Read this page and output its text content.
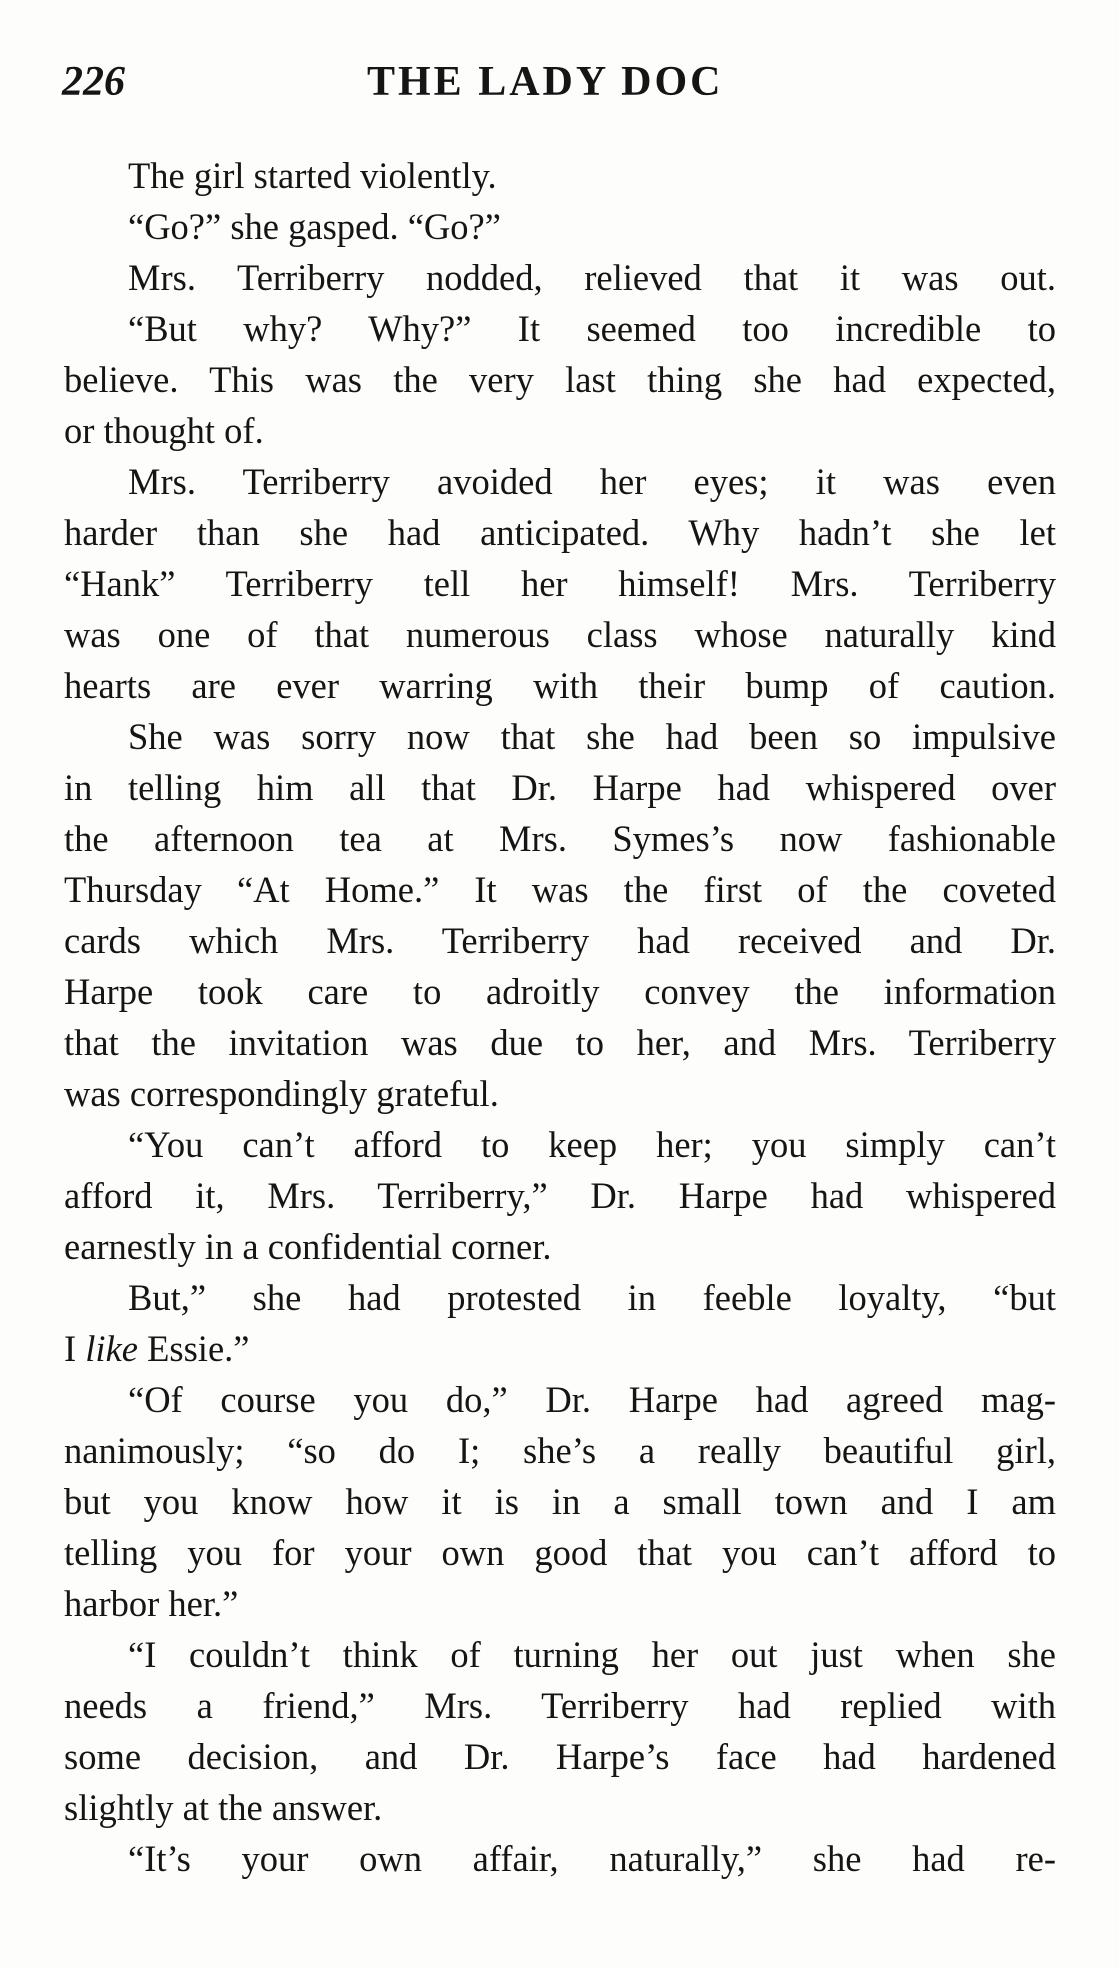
226	THE LADY DOC
The girl started violently.
“Go?” she gasped. “Go?”
Mrs. Terriberry nodded, relieved that it was out.
“But why? Why?” It seemed too incredible to
believe. This was the very last thing she had expected,
or thought of.
Mrs. Terriberry avoided her eyes; it was even
harder than she had anticipated. Why hadn’t she let
“Hank” Terriberry tell her himself! Mrs. Terriberry
was one of that numerous class whose naturally kind
hearts are ever warring with their bump of caution.
She was sorry now that she had been so impulsive
in telling him all that Dr. Harpe had whispered over
the afternoon tea at Mrs. Symes’s now fashionable
Thursday “At Home.” It was the first of the coveted
cards which Mrs. Terriberry had received and Dr.
Harpe took care to adroitly convey the information
that the invitation was due to her, and Mrs. Terriberry
was correspondingly grateful.
“You can’t afford to keep her; you simply can’t
afford it, Mrs. Terriberry,” Dr. Harpe had whispered
earnestly in a confidential corner.
But,” she had protested in feeble loyalty, “but
I like Essie.”
“Of course you do,” Dr. Harpe had agreed mag-
nanimously; “so do I; she’s a really beautiful girl,
but you know how it is in a small town and I am
telling you for your own good that you can’t afford to
harbor her.”
“I couldn’t think of turning her out just when she
needs a friend,” Mrs. Terriberry had replied with
some decision, and Dr. Harpe’s face had hardened
slightly at the answer.
“It’s your own affair, naturally,” she had re-
